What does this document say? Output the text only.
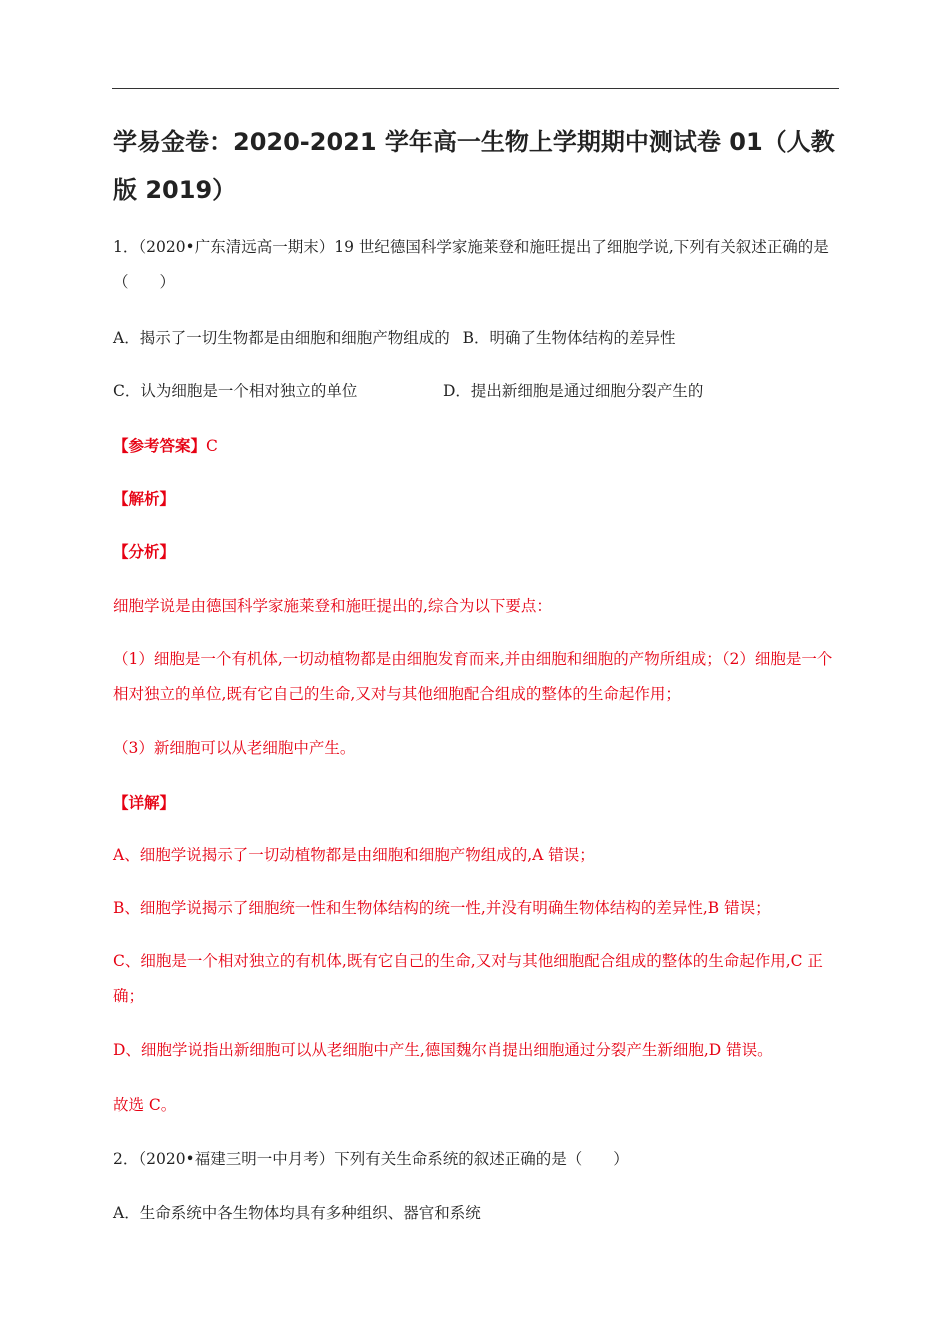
学易金卷：2020-2021 学年高一生物上学期期中测试卷 01（人教版 2019）
1．（2020•广东清远高一期末）19 世纪德国科学家施莱登和施旺提出了细胞学说,下列有关叙述正确的是（　　）
A．揭示了一切生物都是由细胞和细胞产物组成的 B．明确了生物体结构的差异性
C．认为细胞是一个相对独立的单位	D．提出新细胞是通过细胞分裂产生的
【参考答案】C
【解析】
【分析】
细胞学说是由德国科学家施莱登和施旺提出的,综合为以下要点：
（1）细胞是一个有机体,一切动植物都是由细胞发育而来,并由细胞和细胞的产物所组成；（2）细胞是一个相对独立的单位,既有它自己的生命,又对与其他细胞配合组成的整体的生命起作用；
（3）新细胞可以从老细胞中产生。
【详解】
A、细胞学说揭示了一切动植物都是由细胞和细胞产物组成的,A 错误；
B、细胞学说揭示了细胞统一性和生物体结构的统一性,并没有明确生物体结构的差异性,B 错误；
C、细胞是一个相对独立的有机体,既有它自己的生命,又对与其他细胞配合组成的整体的生命起作用,C 正确；
D、细胞学说指出新细胞可以从老细胞中产生,德国魏尔肖提出细胞通过分裂产生新细胞,D 错误。
故选 C。
2．（2020•福建三明一中月考）下列有关生命系统的叙述正确的是（　　）
A．生命系统中各生物体均具有多种组织、器官和系统
